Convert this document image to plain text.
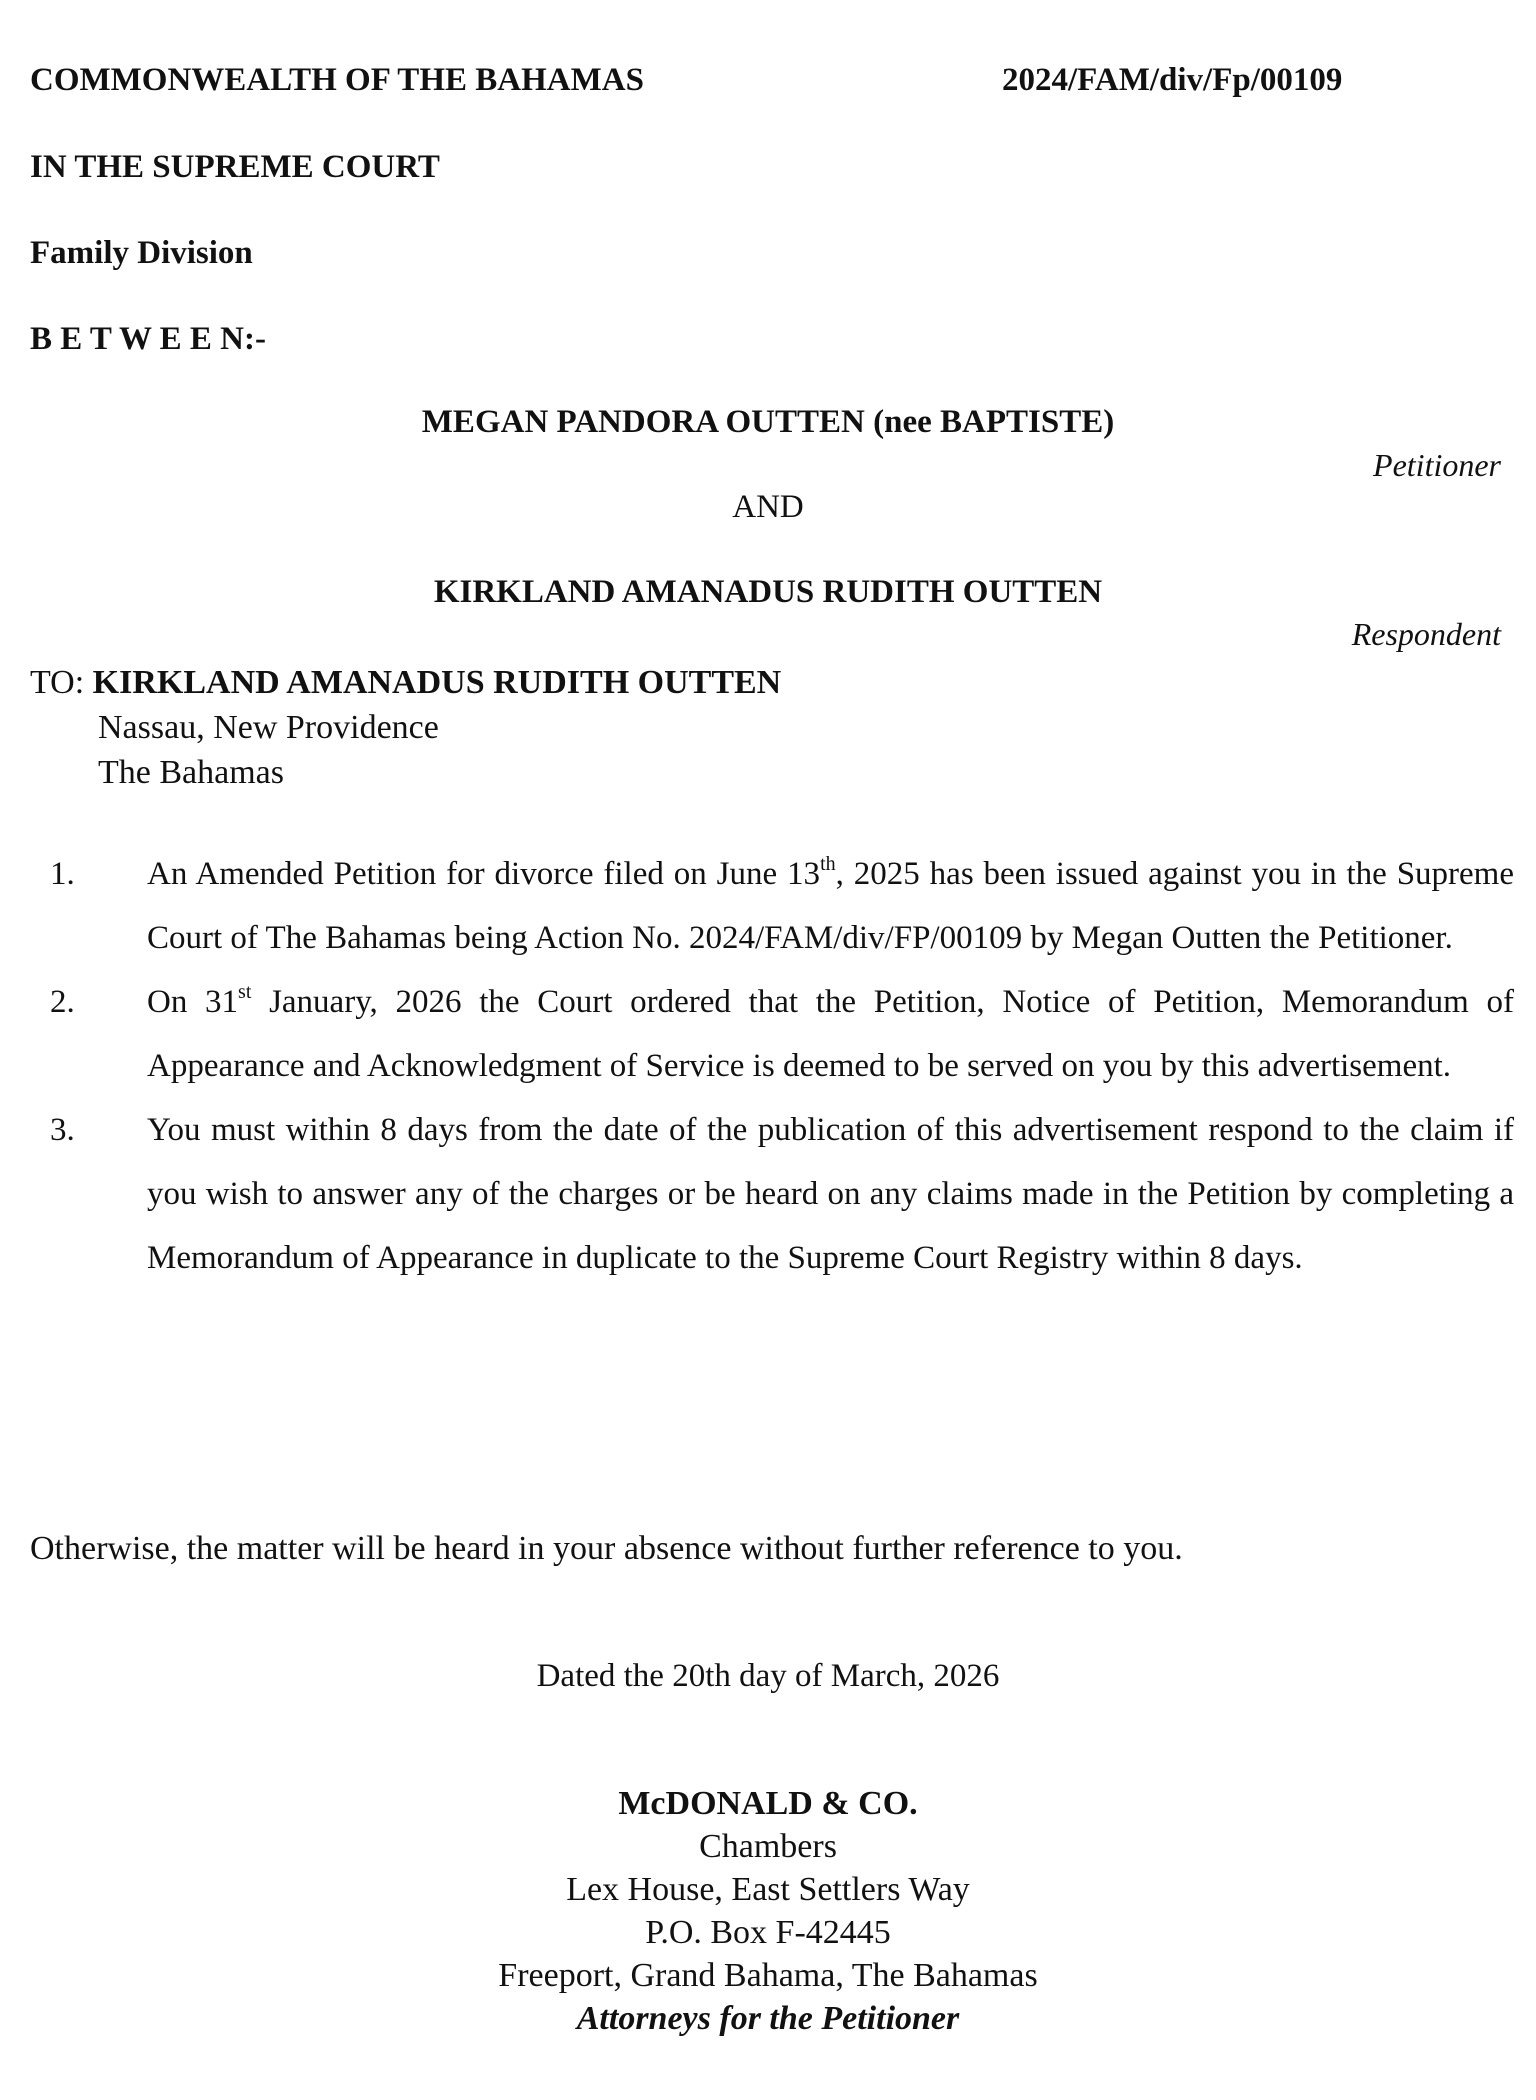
COMMONWEALTH OF THE BAHAMAS	2024/FAM/div/Fp/00109
IN THE SUPREME COURT
Family Division
B E T W E E N:-
MEGAN PANDORA OUTTEN (nee BAPTISTE)
Petitioner
AND
KIRKLAND AMANADUS RUDITH OUTTEN
Respondent
TO: KIRKLAND AMANADUS RUDITH OUTTEN
Nassau, New Providence
The Bahamas
1. An Amended Petition for divorce filed on June 13th, 2025 has been issued against you in the Supreme Court of The Bahamas being Action No. 2024/FAM/div/FP/00109 by Megan Outten the Petitioner.
2. On 31st January, 2026 the Court ordered that the Petition, Notice of Petition, Memorandum of Appearance and Acknowledgment of Service is deemed to be served on you by this advertisement.
3. You must within 8 days from the date of the publication of this advertisement respond to the claim if you wish to answer any of the charges or be heard on any claims made in the Petition by completing a Memorandum of Appearance in duplicate to the Supreme Court Registry within 8 days.
Otherwise, the matter will be heard in your absence without further reference to you.
Dated the 20th day of March, 2026
McDONALD & CO.
Chambers
Lex House, East Settlers Way
P.O. Box F-42445
Freeport, Grand Bahama, The Bahamas
Attorneys for the Petitioner
